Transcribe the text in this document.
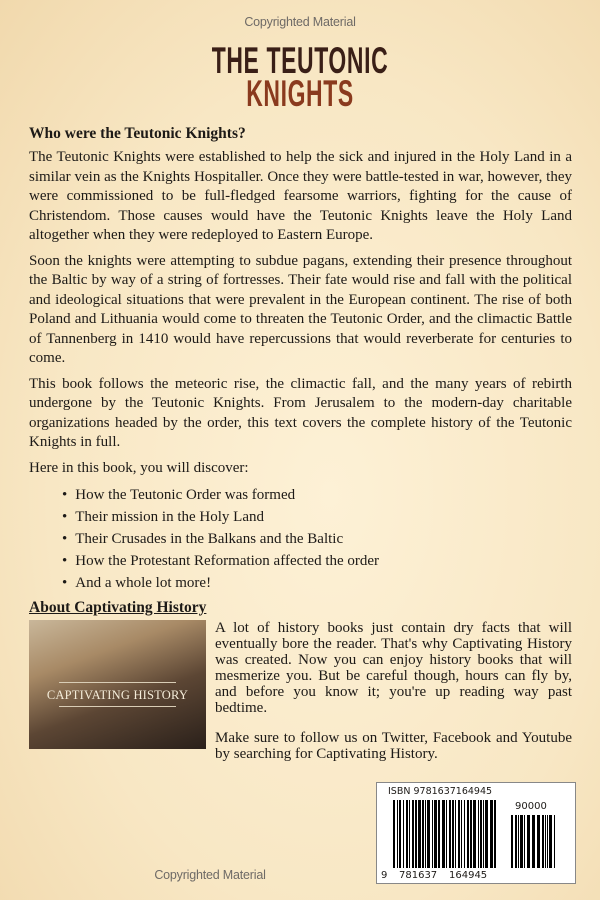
Copyrighted Material
THE TEUTONIC
KNIGHTS
Who were the Teutonic Knights?
The Teutonic Knights were established to help the sick and injured in the Holy Land in a similar vein as the Knights Hospitaller. Once they were battle-tested in war, however, they were commissioned to be full-fledged fearsome warriors, fighting for the cause of Christendom. Those causes would have the Teutonic Knights leave the Holy Land altogether when they were redeployed to Eastern Europe.
Soon the knights were attempting to subdue pagans, extending their presence throughout the Baltic by way of a string of fortresses. Their fate would rise and fall with the political and ideological situations that were prevalent in the European continent. The rise of both Poland and Lithuania would come to threaten the Teutonic Order, and the climactic Battle of Tannenberg in 1410 would have repercussions that would reverberate for centuries to come.
This book follows the meteoric rise, the climactic fall, and the many years of rebirth undergone by the Teutonic Knights. From Jerusalem to the modern-day charitable organizations headed by the order, this text covers the complete history of the Teutonic Knights in full.
Here in this book, you will discover:
• How the Teutonic Order was formed
• Their mission in the Holy Land
• Their Crusades in the Balkans and the Baltic
• How the Protestant Reformation affected the order
• And a whole lot more!
About Captivating History
CAPTIVATING HISTORY
A lot of history books just contain dry facts that will eventually bore the reader. That's why Captivating History was created. Now you can enjoy history books that will mesmerize you. But be careful though, hours can fly by, and before you know it; you're up reading way past bedtime.
Make sure to follow us on Twitter, Facebook and Youtube by searching for Captivating History.
ISBN 9781637164945
90000
9 781637 164945
Copyrighted Material
